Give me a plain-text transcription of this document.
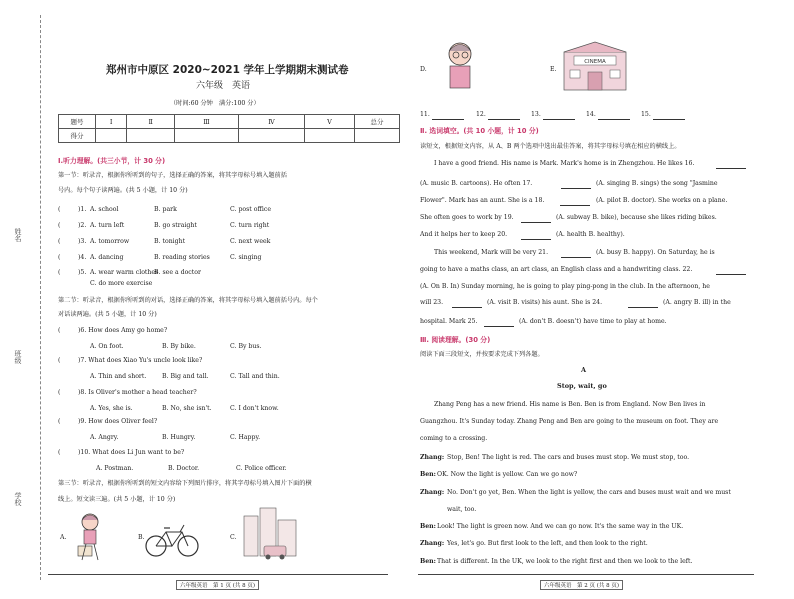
姓名
班级
学校
郑州市中原区 2020~2021 学年上学期期末测试卷
六年级　英语
（时间:60 分钟　满分:100 分）
题号	Ⅰ	Ⅱ	Ⅲ	Ⅳ	Ⅴ	总分
得分						
Ⅰ.听力理解。(共三小节，计 30 分)
第一节：听录音，根据你所听到的句子，选择正确的答案，将其字母标号填入题前括
号内。每个句子读两遍。(共 5 小题，计 10 分)
C. do more exercise
第二节：听录音，根据你所听到的对话，选择正确的答案，将其字母标号填入题前括号内。每个
对话读两遍。(共 5 小题，计 10 分)
第三节：听录音，根据你所听到的短文内容给下列图片排序，将其字母标号填入图片下面的横
线上。短文读三遍。(共 5 小题，计 10 分)
A.	B.	C.
D.	E.
CINEMA
Ⅱ. 选词填空。(共 10 小题，计 10 分)
读短文，根据短文内容，从 A、B 两个选项中选出最佳答案，将其字母标号填在相应的横线上。
Ⅲ. 阅读理解。(30 分)
阅读下面三段短文，并按要求完成下列各题。
A
Stop, wait, go
Zhang Peng has a new friend. His name is Ben. Ben is from England. Now Ben lives in
Guangzhou. It's Sunday today. Zhang Peng and Ben are going to the museum on foot. They are
coming to a crossing.
六年级英语　第 1 页 (共 8 页)	六年级英语　第 2 页 (共 8 页)
(	)1. A. school	B. park	C. post office
(	)2. A. turn left	B. go straight	C. turn right
(	)3. A. tomorrow	B. tonight	C. next week
(	)4. A. dancing	B. reading stories	C. singing
(	)5. A. wear warm clothes
B. see a doctor
(	)6. How does Amy go home?
A. On foot.	B. By bike.	C. By bus.
(	)7. What does Xiao Yu's uncle look like?
A. Thin and short.	B. Big and tall.	C. Tall and thin.
(	)8. Is Oliver's mother a head teacher?
A. Yes, she is.	B. No, she isn't.	C. I don't know.
(	)9. How does Oliver feel?
A. Angry.	B. Hungry.	C. Happy.
(	)10. What does Li Jun want to be?
A. Postman.	B. Doctor.	C. Police officer.
11.	12.	13.	14.	15.
I have a good friend. His name is Mark. Mark's home is in Zhengzhou. He likes 16.
(A. music B. cartoons). He often 17.	(A. singing B. sings) the song "Jasmine
Flower". Mark has an aunt. She is a 18.	(A. pilot B. doctor). She works on a plane.
She often goes to work by 19.	(A. subway B. bike), because she likes riding bikes.
And it helps her to keep 20.	(A. health B. healthy).
This weekend, Mark will be very 21.	(A. busy B. happy). On Saturday, he is
going to have a maths class, an art class, an English class and a handwriting class. 22.
(A. On B. In) Sunday morning, he is going to play ping-pong in the club. In the afternoon, he
will 23.	(A. visit B. visits) his aunt. She is 24.	(A. angry B. ill) in the
hospital. Mark 25.	(A. don't B. doesn't) have time to play at home.
Zhang: Stop, Ben! The light is red. The cars and buses must stop. We must stop, too.
Ben: OK. Now the light is yellow. Can we go now?
Zhang: No. Don't go yet, Ben. When the light is yellow, the cars and buses must wait and we must
wait, too.
Ben: Look! The light is green now. And we can go now. It's the same way in the UK.
Zhang: Yes, let's go. But first look to the left, and then look to the right.
Ben: That is different. In the UK, we look to the right first and then we look to the left.
